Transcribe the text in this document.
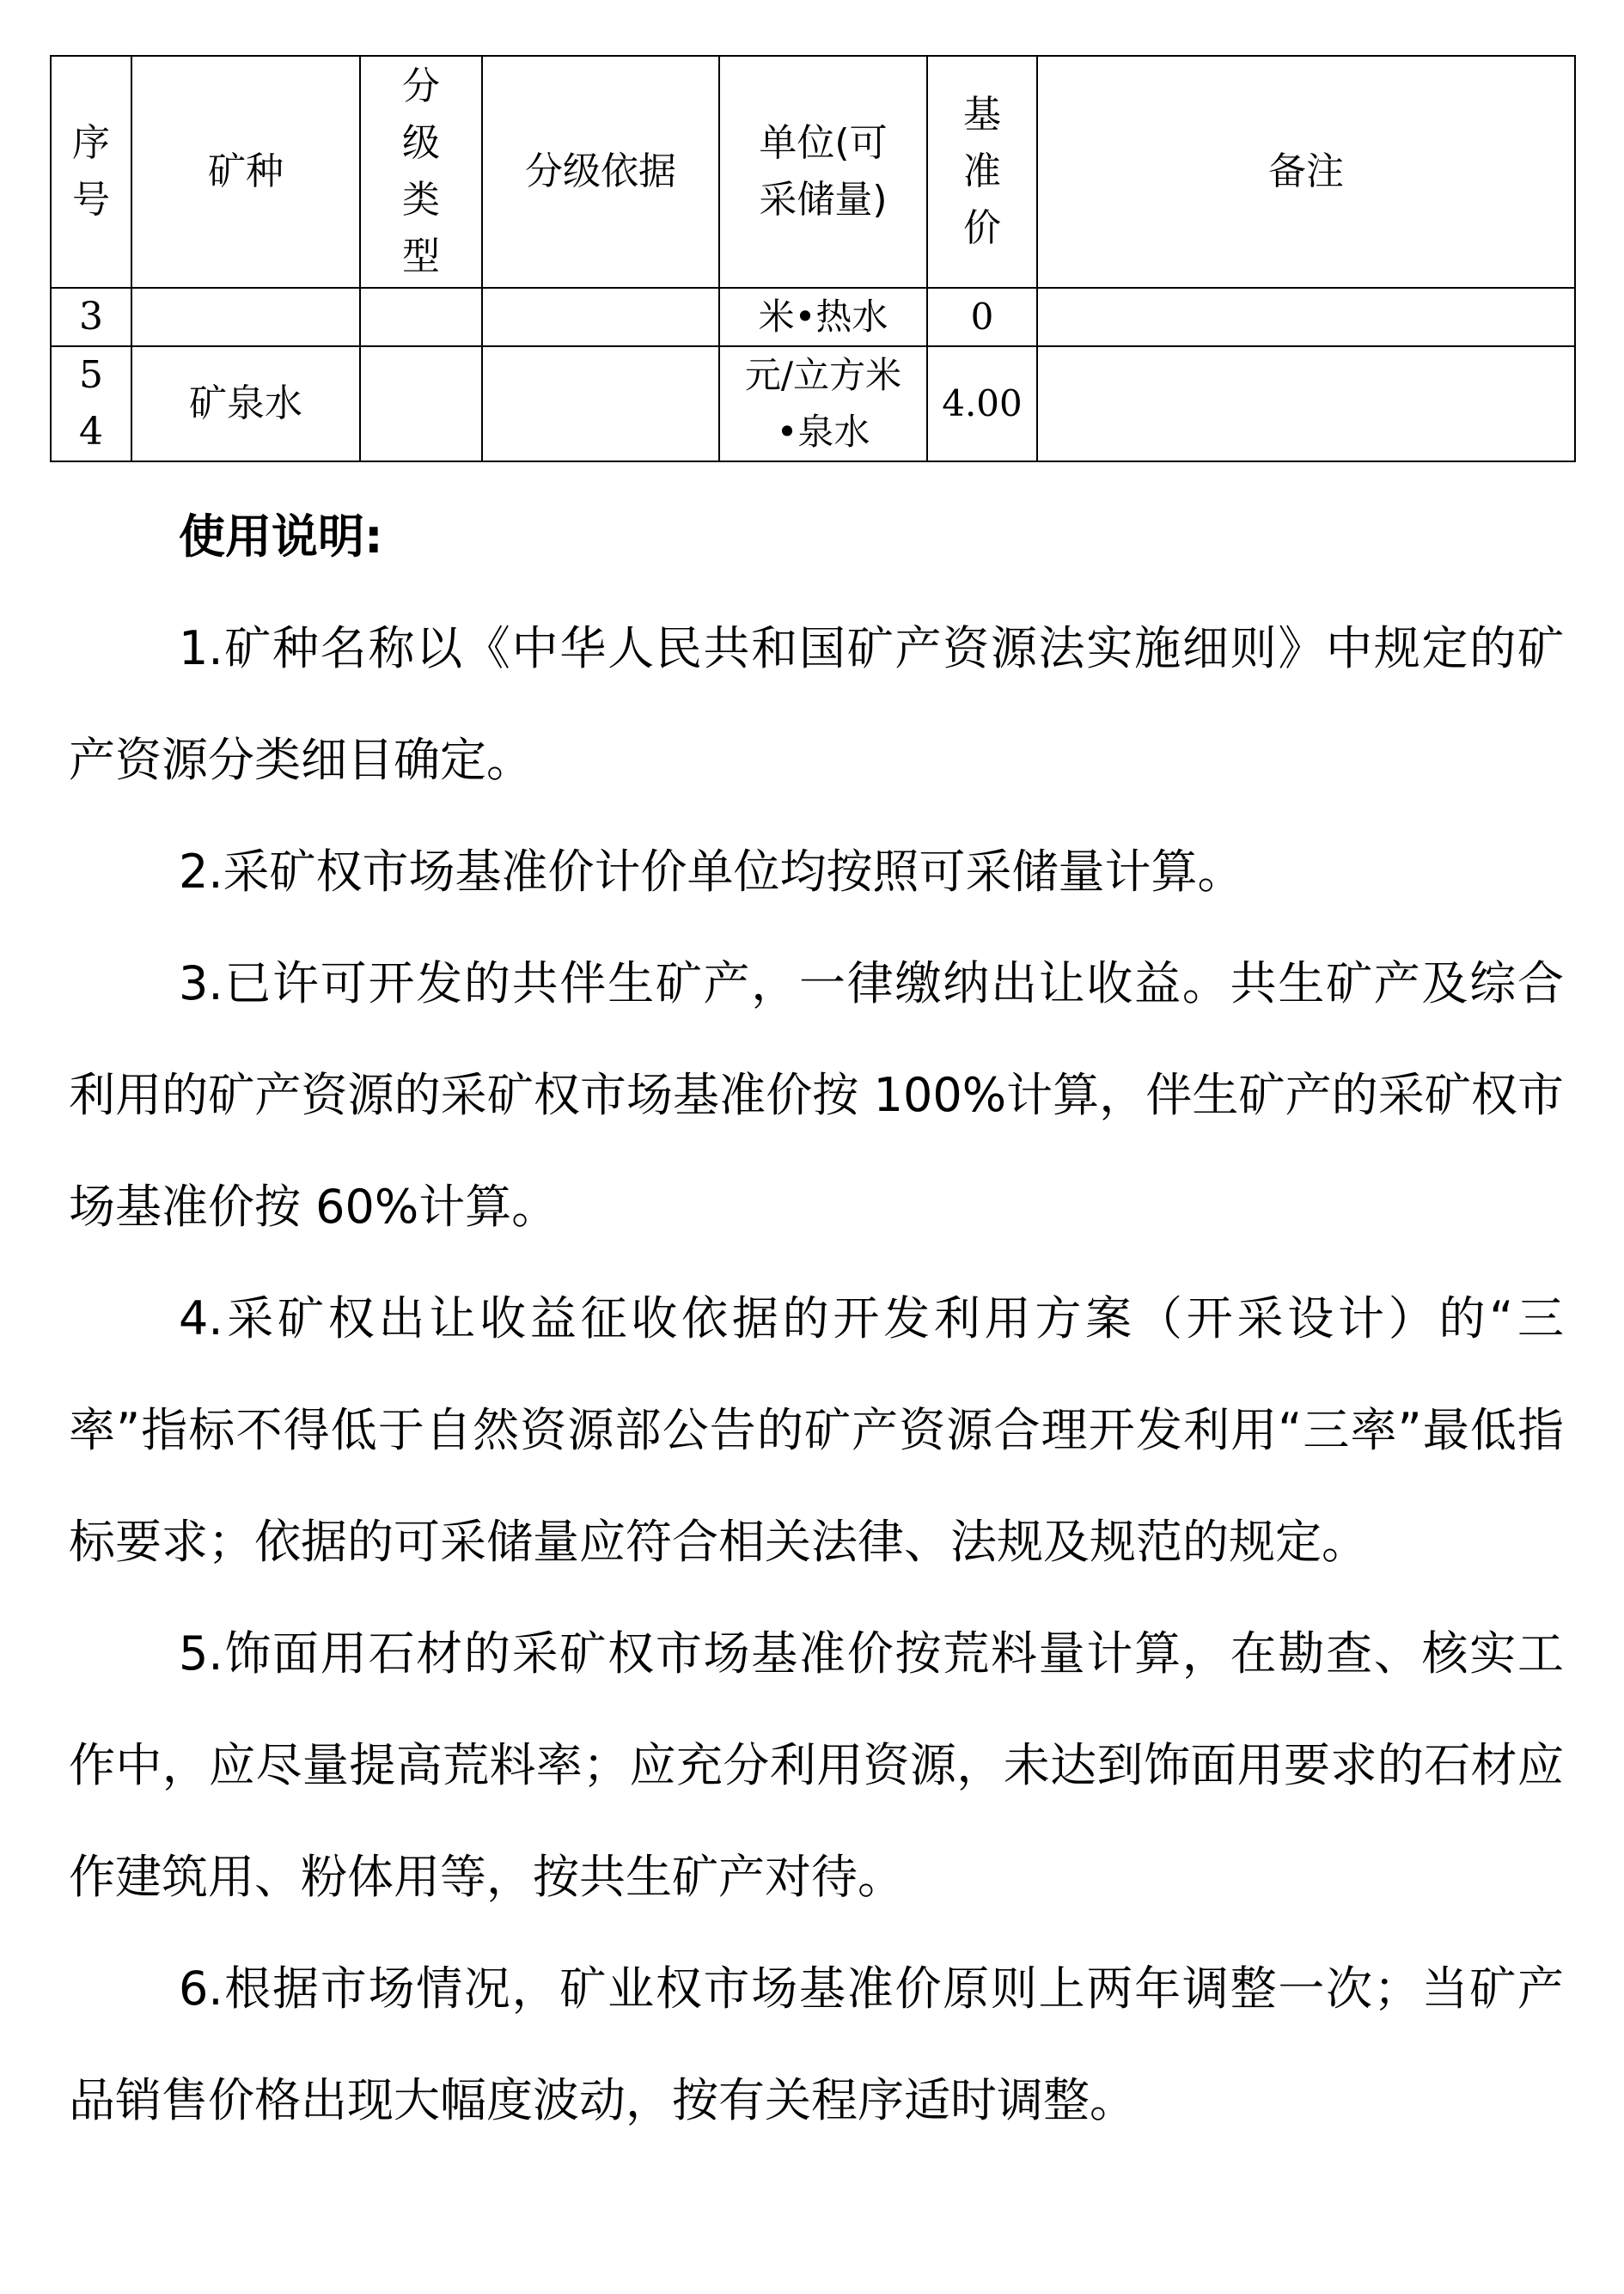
序号	矿种	分级类型	分级依据	单位(可采储量)	基准价	备注
3				米•热水	0	
54	矿泉水			元/立方米•泉水	4.00	
使用说明:

1.矿种名称以《中华人民共和国矿产资源法实施细则》中规定的矿产资源分类细目确定。

2.采矿权市场基准价计价单位均按照可采储量计算。

3.已许可开发的共伴生矿产，一律缴纳出让收益。共生矿产及综合利用的矿产资源的采矿权市场基准价按 100%计算，伴生矿产的采矿权市场基准价按 60%计算。

4.采矿权出让收益征收依据的开发利用方案（开采设计）的“三率”指标不得低于自然资源部公告的矿产资源合理开发利用“三率”最低指标要求；依据的可采储量应符合相关法律、法规及规范的规定。

5.饰面用石材的采矿权市场基准价按荒料量计算，在勘查、核实工作中，应尽量提高荒料率；应充分利用资源，未达到饰面用要求的石材应作建筑用、粉体用等，按共生矿产对待。

6.根据市场情况，矿业权市场基准价原则上两年调整一次；当矿产品销售价格出现大幅度波动，按有关程序适时调整。
